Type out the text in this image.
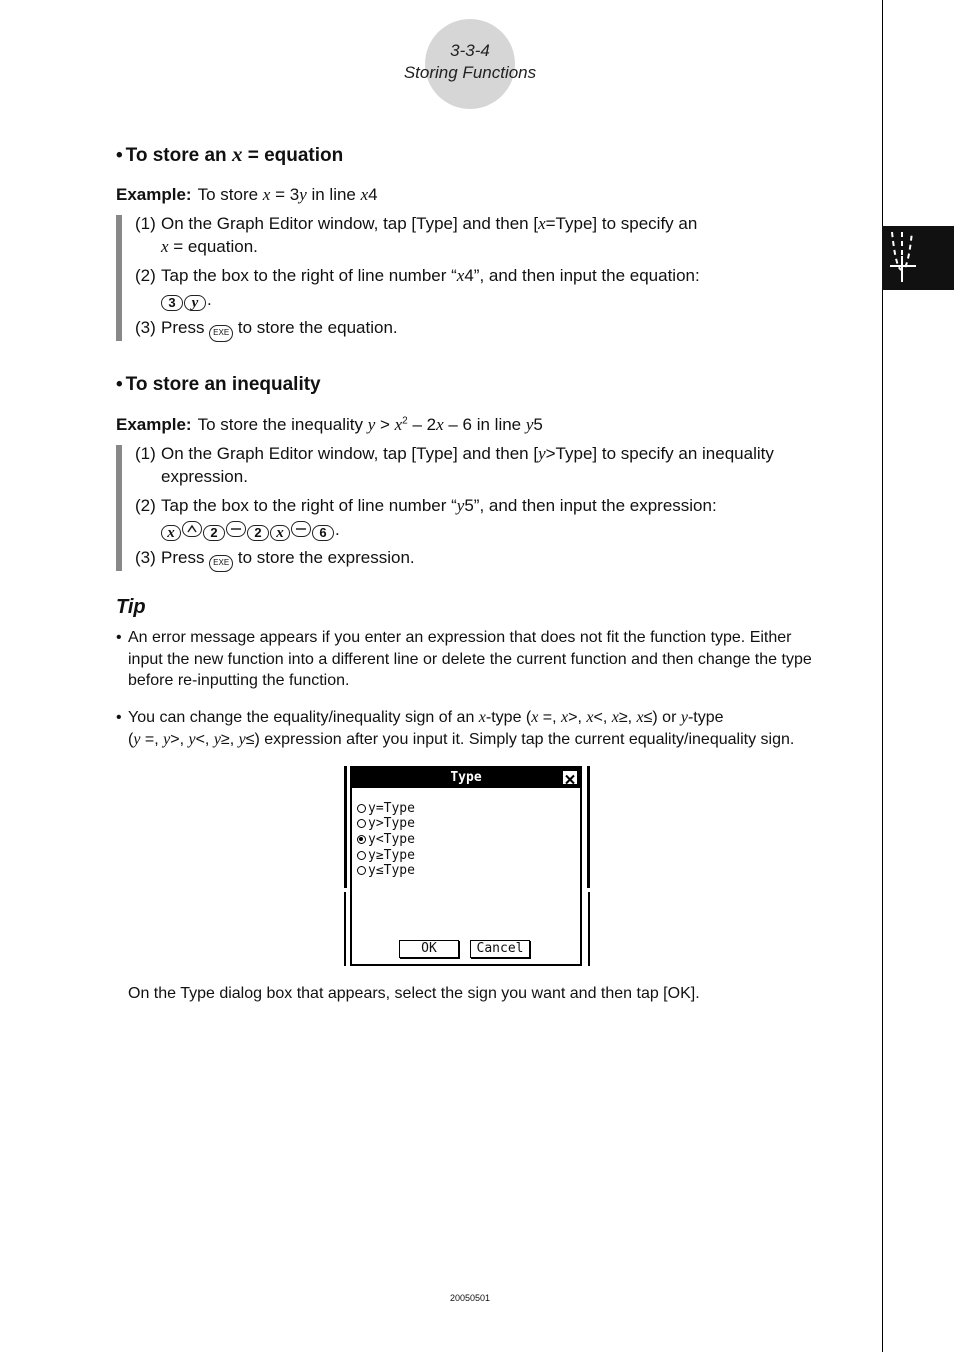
3-3-4
Storing Functions
• To store an x = equation
Example: To store x = 3y in line x4
(1) On the Graph Editor window, tap [Type] and then [x=Type] to specify an
x = equation.
(2) Tap the box to the right of line number “x4”, and then input the equation:
3 y .
(3) Press EXE to store the equation.
• To store an inequality
Example: To store the inequality $y > x^2 - 2x - 6$ in line y5
(1) On the Graph Editor window, tap [Type] and then [y>Type] to specify an inequality
expression.
(2) Tap the box to the right of line number “y5”, and then input the expression:
x	2	2 x	6 .
(3) Press EXE to store the expression.
Tip
• An error message appears if you enter an expression that does not fit the function type. Either
input the new function into a different line or delete the current function and then change the type
before re-inputting the function.
• You can change the equality/inequality sign of an x-type (x =, x>, x<, x≥, x≤) or y-type
(y =, y>, y<, y≥, y≤) expression after you input it. Simply tap the current equality/inequality sign.
Type
y=Type
y>Type
y<Type
y≥Type
y≤Type
OK	Cancel
On the Type dialog box that appears, select the sign you want and then tap [OK].
20050501
